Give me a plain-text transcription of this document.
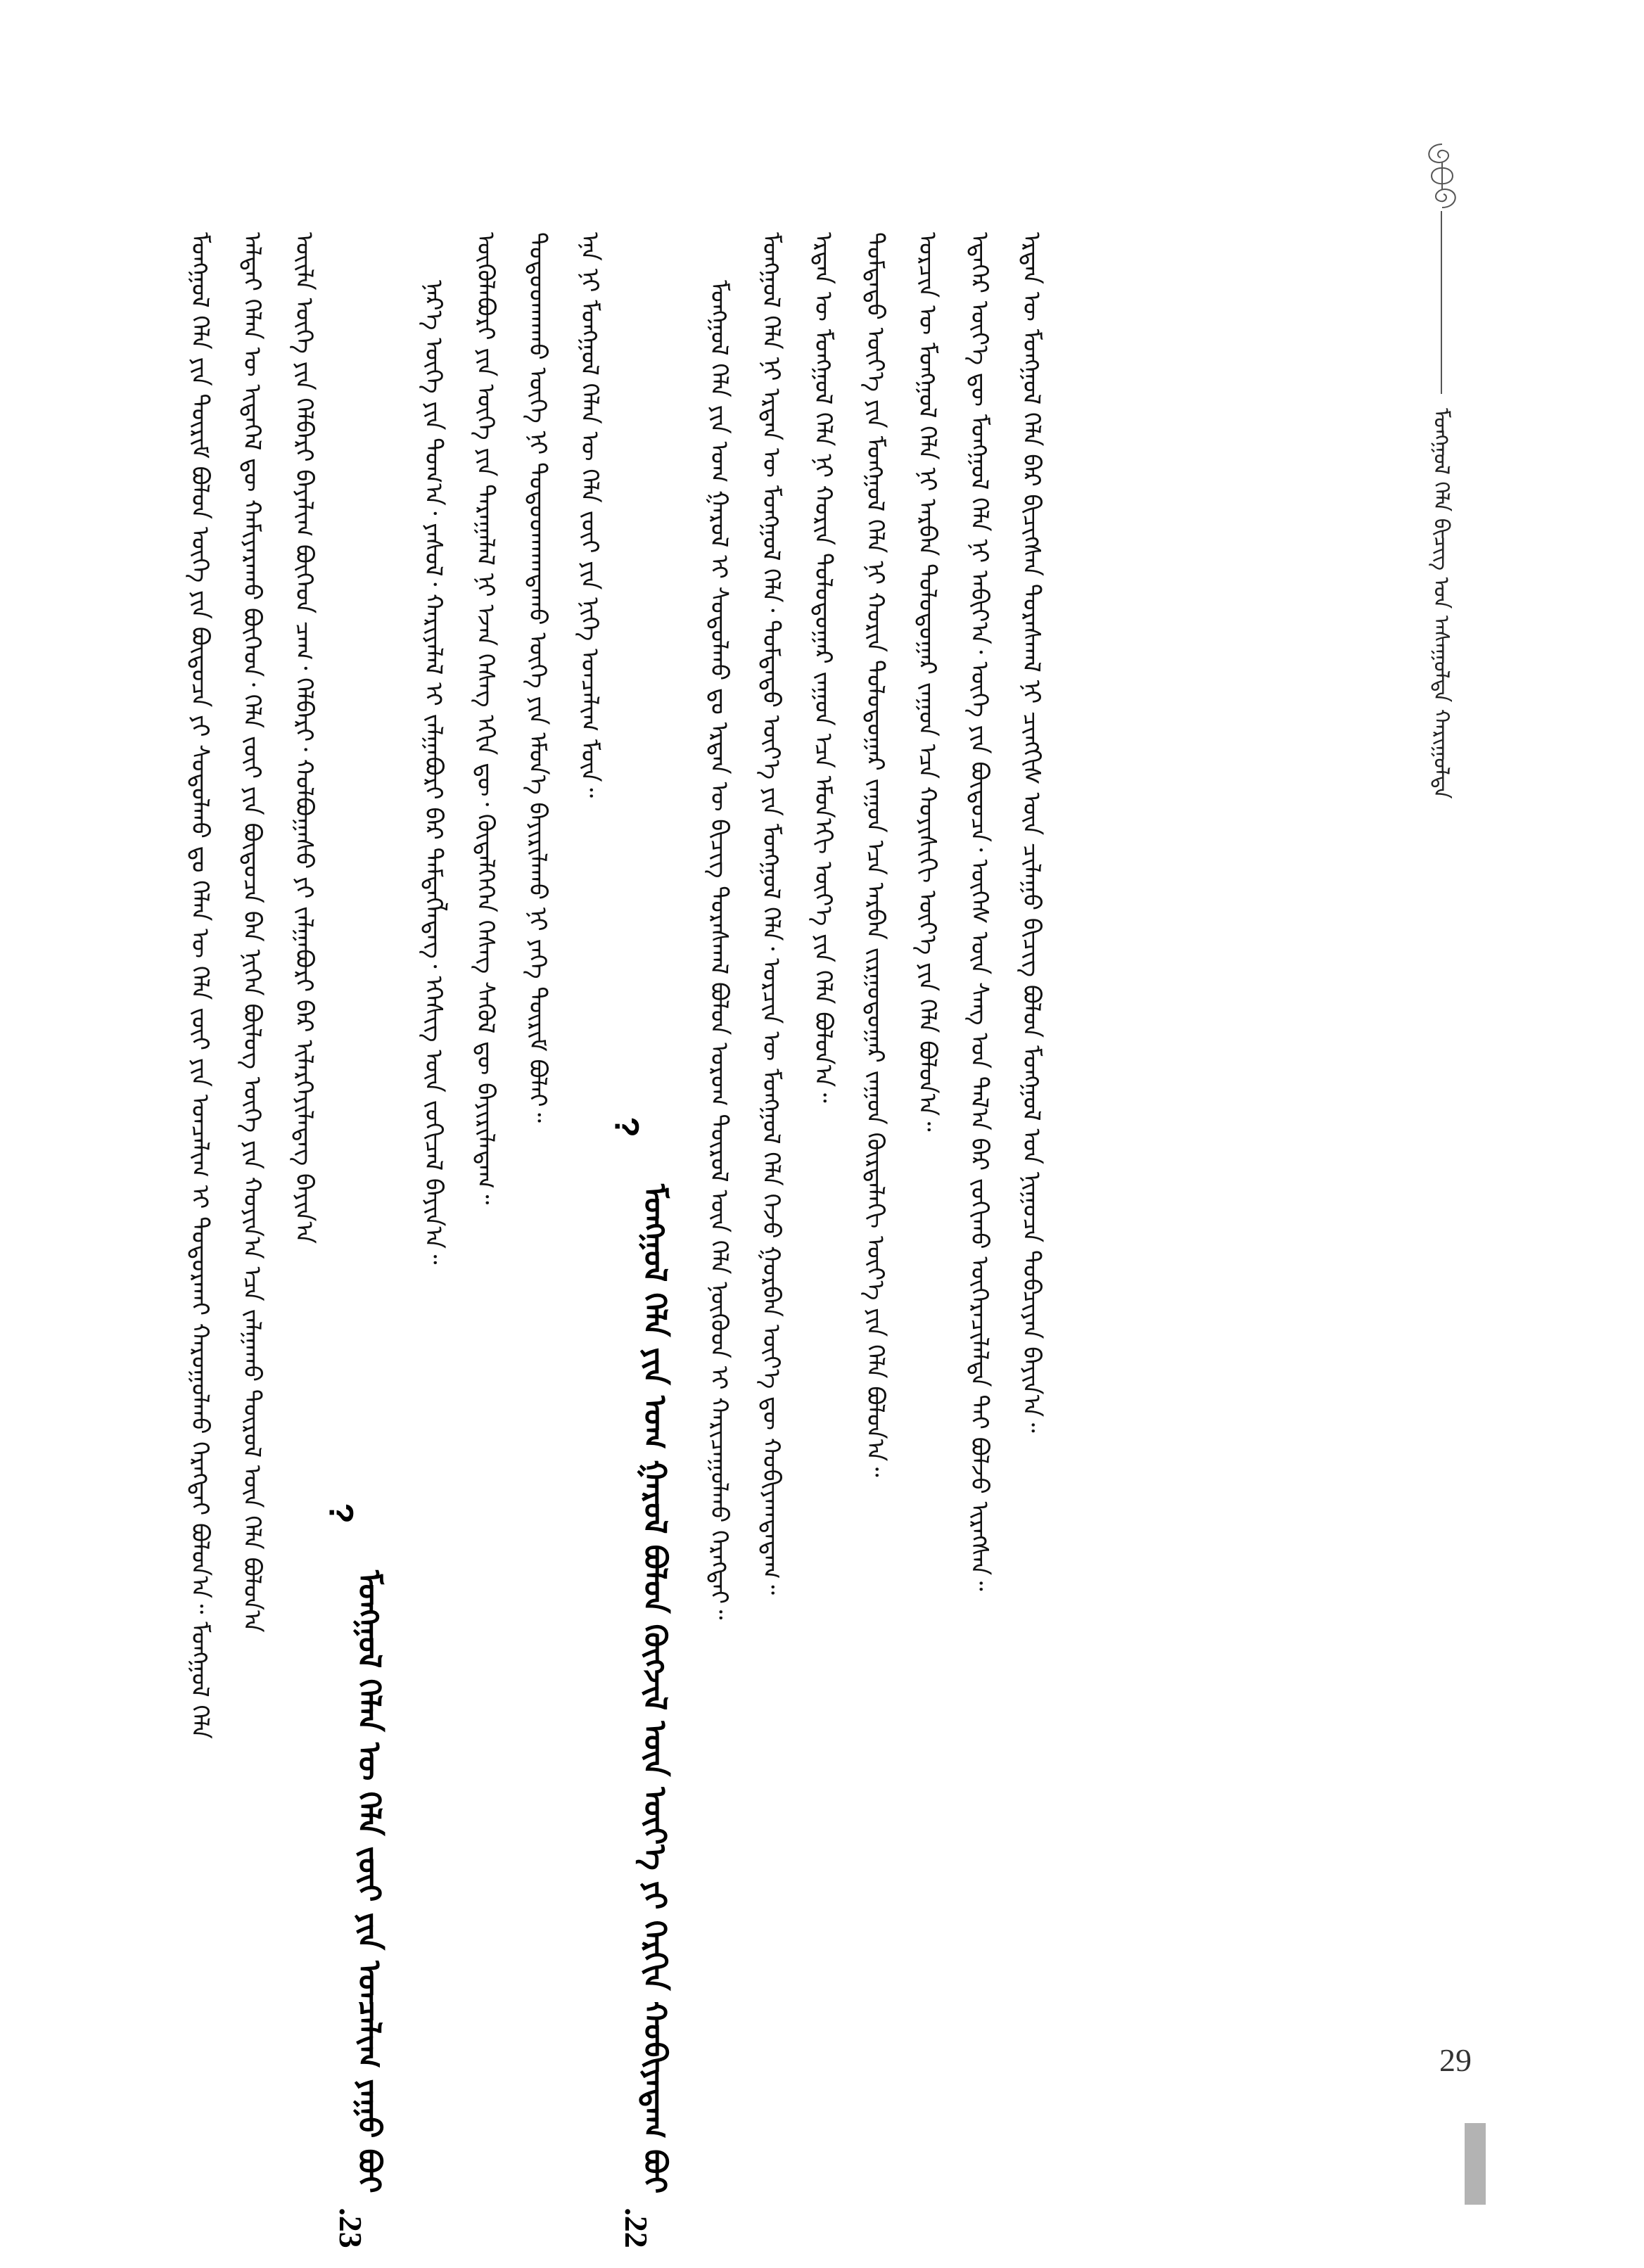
ᠮᠣᠩᠭᠣᠯ ᠬᠡᠯᠡ ᠪᠢᠴᠢᠭ ᠤᠨ ᠠᠰᠠᠭᠤᠯᠲᠠ ᠬᠠᠷᠢᠭᠤᠯᠲᠠ
ᠮᠣᠩᠭᠣᠯ ᠬᠡᠯᠡ ᠶᠢᠨ ᠳᠦᠷᠢᠮ ᠪᠣᠯᠤᠨ ᠦᠭᠡ ᠶᠢᠨ ᠪᠦᠲᠦᠴᠡ ᠶᠢ ᠰᠤᠳᠤᠯᠬᠤ ᠳᠤ ᠬᠡᠯᠡᠨ ᠦ ᠬᠡᠯᠡ ᠵᠦᠢ ᠶᠢᠨ ᠣᠨᠴᠠᠯᠢᠭ ᠢ ᠲᠣᠳᠤᠷᠬᠠᠢ ᠬᠠᠷᠤᠭᠤᠯᠬᠤ ᠬᠡᠷᠡᠭᠲᠡᠢ ᠪᠣᠯᠤᠨ᠎ᠠ᠃ ᠮᠣᠩᠭᠣᠯ ᠬᠡᠯᠡ	ᠠᠯᠲᠠᠢ ᠬᠡᠯᠡᠨ ᠦ ᠢᠳᠡᠭᠡᠯ ᠳᠦ ᠬᠠᠮᠢᠶᠠᠷᠠᠬᠤ ᠪᠥᠭᠡᠳ᠂ ᠬᠡᠯᠡ ᠵᠦᠢ ᠶᠢᠨ ᠪᠦᠲᠦᠴᠡ ᠪᠡᠨ ᠨᠢᠭᠡᠨ ᠪᠦᠯᠦᠭ ᠦᠭᠡ ᠶᠢᠨ ᠬᠣᠶᠢᠨ᠎ᠠ ᠡᠴᠡ ᠵᠠᠯᠭᠠᠬᠤ ᠲᠦᠷᠦᠯ ᠦᠨ ᠬᠡᠯᠡ ᠪᠣᠯᠤᠨ᠎ᠠ	ᠦᠢᠯᠡ ᠦᠭᠡ ᠶᠢᠨ ᠬᠡᠯᠪᠡᠷᠢ ᠪᠠᠶᠠᠯᠢᠭ ᠪᠥᠭᠡᠳ ᠴᠠᠭ᠂ ᠬᠡᠯᠪᠡᠷᠢ᠂ ᠬᠣᠯᠪᠣᠭᠠᠰᠤ ᠶᠢ ᠵᠠᠯᠭᠠᠪᠤᠷᠢ ᠪᠡᠷ ᠢᠯᠡᠷᠬᠡᠶᠢᠯᠡᠳᠡᠭ ᠪᠠᠶᠢᠨ᠎ᠠ
23.
ᠮᠣᠩᠭᠣᠯ ᠬᠡᠯᠡᠨ ᠦ ᠬᠡᠯᠡ ᠵᠦᠢ ᠶᠢᠨ ᠣᠨᠴᠠᠯᠢᠭ ᠶᠠᠭᠤ ᠪᠣᠢ
?
ᠨᠡᠷ᠎ᠡ ᠦᠭᠡ ᠶᠢᠨ ᠲᠣᠭ᠎ᠠ᠂ ᠶᠠᠰᠤᠯ᠂ ᠬᠠᠷᠢᠶᠠᠯᠠᠯ ᠢ ᠵᠠᠯᠭᠠᠪᠤᠷᠢ ᠪᠡᠷ ᠲᠡᠮᠳᠡᠭᠯᠡᠳᠡᠭ᠂ ᠡᠭᠡᠰᠢᠭ ᠦᠨ ᠵᠣᠬᠢᠴᠠᠯ ᠪᠠᠶᠢᠨ᠎ᠠ᠃	ᠥᠭᠦᠯᠡᠪᠦᠷᠢ ᠶᠢᠨ ᠦᠭᠡ ᠶᠢᠨ ᠳᠠᠷᠠᠭᠠᠯᠠᠯ ᠨᠢ ᠡᠵᠡᠨ ᠬᠡᠰᠡᠭ ᠡᠬᠢᠨ ᠳᠦ᠂ ᠬᠥᠳᠡᠯᠭᠡᠭᠡᠨ ᠬᠡᠰᠡᠭ ᠰᠡᠭᠦᠯ ᠳᠦ ᠪᠠᠶᠢᠷᠢᠯᠠᠳᠠᠭ᠃	ᠲᠣᠳᠤᠳᠬᠠᠬᠤ ᠦᠭᠡ ᠨᠢ ᠲᠣᠳᠤᠳᠬᠠᠭᠳᠠᠬᠤ ᠦᠭᠡ ᠶᠢᠨ ᠡᠮᠦᠨ᠎ᠡ ᠪᠠᠶᠢᠷᠢᠯᠠᠬᠤ ᠨᠢ ᠶᠡᠬᠡ ᠳᠦᠷᠢᠮ ᠪᠣᠯᠠᠢ᠃	ᠡᠨᠡ ᠨᠢ ᠮᠣᠩᠭᠣᠯ ᠬᠡᠯᠡᠨ ᠦ ᠬᠡᠯᠡ ᠵᠦᠢ ᠶᠢᠨ ᠨᠢᠭᠡ ᠣᠨᠴᠠᠯᠢᠭ ᠮᠥᠨ᠃
22.
ᠮᠣᠩᠭᠣᠯ ᠬᠡᠯᠡ ᠶᠢᠨ ᠤᠭ ᠭᠠᠷᠤᠯ ᠪᠣᠯᠤᠨ ᠬᠥᠭᠵᠢᠯ ᠦᠨ ᠦᠶ᠎ᠡ ᠶᠢ ᠬᠡᠷᠬᠢᠨ ᠬᠤᠪᠢᠶᠠᠳᠠᠭ ᠪᠣᠢ
?	ᠮᠣᠩᠭᠣᠯ ᠬᠡᠯᠡ ᠶᠢᠨ ᠤᠭ ᠭᠠᠷᠤᠯ ᠢ ᠰᠤᠳᠤᠯᠬᠤ ᠳᠤ ᠡᠷᠲᠡᠨ ᠦ ᠪᠢᠴᠢᠭ ᠳᠤᠷᠠᠰᠬᠠᠯ ᠪᠣᠯᠤᠨ ᠤᠷᠤᠭ ᠲᠥᠷᠦᠯ ᠦᠨ ᠬᠡᠯᠡ ᠨᠦᠭᠦᠳ ᠢ ᠬᠠᠷᠢᠴᠠᠭᠤᠯᠬᠤ ᠬᠡᠷᠡᠭᠲᠡᠢ᠃	ᠮᠣᠩᠭᠣᠯ ᠬᠡᠯᠡ ᠨᠢ ᠡᠷᠲᠡᠨ ᠦ ᠮᠣᠩᠭᠣᠯ ᠬᠡᠯᠡ᠂ ᠳᠤᠮᠳᠠᠳᠤ ᠦᠶ᠎ᠡ ᠶᠢᠨ ᠮᠣᠩᠭᠣᠯ ᠬᠡᠯᠡ᠂ ᠣᠷᠴᠢᠨ ᠦ ᠮᠣᠩᠭᠣᠯ ᠬᠡᠯᠡ ᠭᠡᠵᠦ ᠭᠤᠷᠪᠠᠨ ᠦᠶ᠎ᠡ ᠳᠦ ᠬᠤᠪᠢᠶᠠᠭᠳᠠᠳᠠᠭ᠃	ᠡᠷᠲᠡᠨ ᠦ ᠮᠣᠩᠭᠣᠯ ᠬᠡᠯᠡ ᠨᠢ ᠬᠣᠷᠢᠨ ᠳᠣᠯᠣᠳᠤᠭᠠᠷ ᠵᠠᠭᠤᠨ ᠡᠴᠡ ᠡᠮᠦᠨ᠎ᠡᠬᠢ ᠦᠶ᠎ᠡ ᠶᠢᠨ ᠬᠡᠯᠡ ᠪᠣᠯᠤᠨ᠎ᠠ᠃	ᠳᠤᠮᠳᠠᠳᠤ ᠦᠶ᠎ᠡ ᠶᠢᠨ ᠮᠣᠩᠭᠣᠯ ᠬᠡᠯᠡ ᠨᠢ ᠬᠣᠷᠢᠨ ᠳᠣᠯᠣᠳᠤᠭᠠᠷ ᠵᠠᠭᠤᠨ ᠡᠴᠡ ᠠᠷᠪᠠᠨ ᠵᠢᠷᠭᠤᠳᠤᠭᠠᠷ ᠵᠠᠭᠤᠨ ᠬᠦᠷᠲᠡᠯᠡᠬᠢ ᠦᠶ᠎ᠡ ᠶᠢᠨ ᠬᠡᠯᠡ ᠪᠣᠯᠤᠨ᠎ᠠ᠃	ᠣᠷᠴᠢᠨ ᠦ ᠮᠣᠩᠭᠣᠯ ᠬᠡᠯᠡ ᠨᠢ ᠠᠷᠪᠠᠨ ᠳᠣᠯᠣᠳᠤᠭᠠᠷ ᠵᠠᠭᠤᠨ ᠡᠴᠡ ᠬᠣᠶᠢᠰᠢᠬᠢ ᠦᠶ᠎ᠡ ᠶᠢᠨ ᠬᠡᠯᠡ ᠪᠣᠯᠤᠨ᠎ᠠ᠃	ᠡᠳᠡᠭᠡᠷ ᠦᠶ᠎ᠡ ᠳᠦ ᠮᠣᠩᠭᠣᠯ ᠬᠡᠯᠡ ᠨᠢ ᠠᠪᠢᠶ᠎ᠠ᠂ ᠦᠭᠡ ᠶᠢᠨ ᠪᠦᠲᠦᠴᠡ᠂ ᠦᠭᠡᠰ ᠦᠨ ᠰᠠᠩ ᠤᠨ ᠲᠠᠯ᠎ᠠ ᠪᠡᠷ ᠵᠣᠬᠢᠬᠤ ᠥᠭᠡᠷᠡᠴᠢᠯᠡᠯᠲᠡ ᠲᠠᠢ ᠪᠣᠯᠵᠤ ᠢᠷᠡᠭᠰᠡᠨ᠃	ᠡᠷᠲᠡᠨ ᠦ ᠮᠣᠩᠭᠣᠯ ᠬᠡᠯᠡ ᠪᠡᠷ ᠪᠢᠴᠢᠭᠰᠡᠨ ᠳᠤᠷᠠᠰᠬᠠᠯ ᠨᠢ ᠴᠢᠩᠭᠢᠰ ᠦᠨ ᠴᠢᠯᠠᠭᠤ ᠪᠢᠴᠢᠭ ᠪᠣᠯᠤᠨ ᠮᠣᠩᠭᠣᠯ ᠤᠨ ᠨᠢᠭᠤᠴᠠ ᠲᠣᠪᠴᠢᠶᠠᠨ ᠪᠠᠶᠢᠨ᠎ᠠ᠃
29
